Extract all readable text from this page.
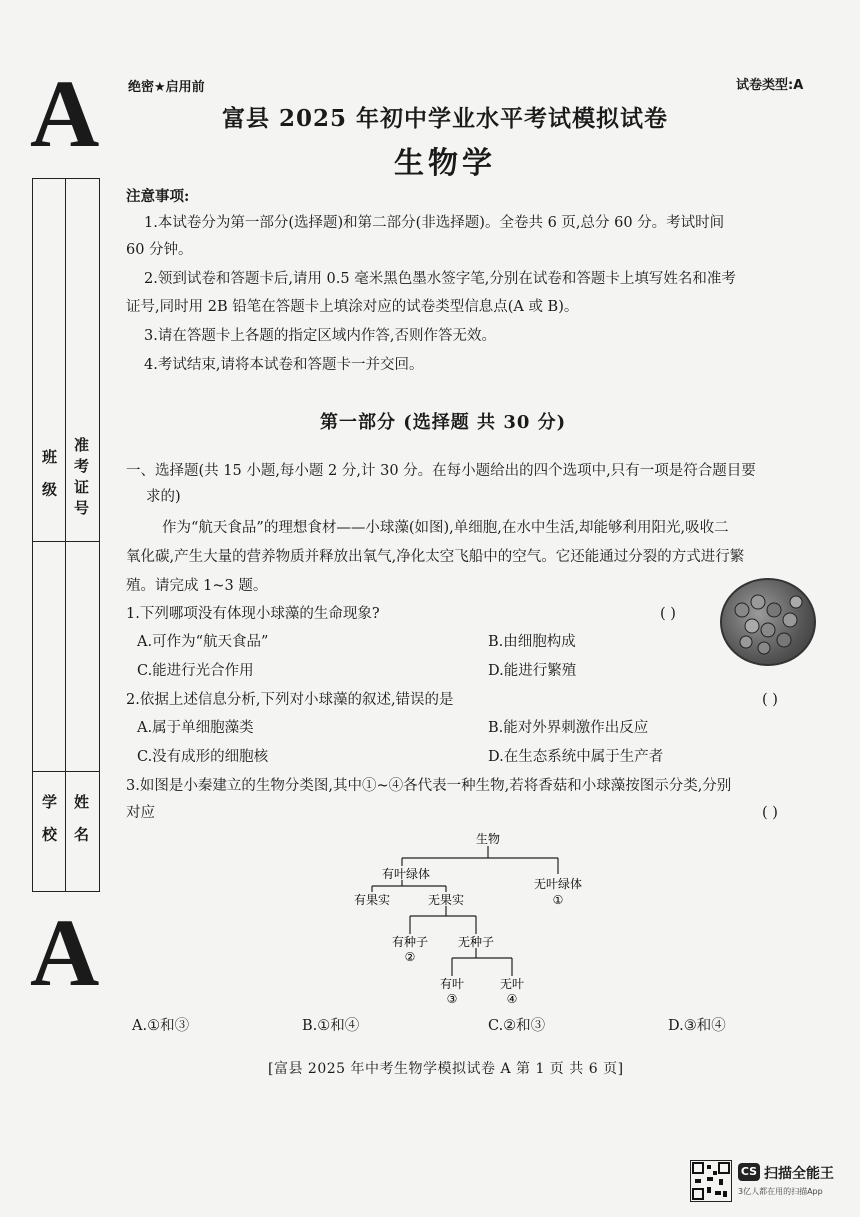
A
班 级 准考证号
学 校 姓 名
A
绝密★启用前	试卷类型:A
富县 2025 年初中学业水平考试模拟试卷
生物学
注意事项:
1.本试卷分为第一部分(选择题)和第二部分(非选择题)。全卷共 6 页,总分 60 分。考试时间
60 分钟。
2.领到试卷和答题卡后,请用 0.5 毫米黑色墨水签字笔,分别在试卷和答题卡上填写姓名和准考
证号,同时用 2B 铅笔在答题卡上填涂对应的试卷类型信息点(A 或 B)。
3.请在答题卡上各题的指定区域内作答,否则作答无效。
4.考试结束,请将本试卷和答题卡一并交回。
第一部分 (选择题 共 30 分)
一、选择题(共 15 小题,每小题 2 分,计 30 分。在每小题给出的四个选项中,只有一项是符合题目要
求的)
作为“航天食品”的理想食材——小球藻(如图),单细胞,在水中生活,却能够利用阳光,吸收二
氧化碳,产生大量的营养物质并释放出氧气,净化太空飞船中的空气。它还能通过分裂的方式进行繁
殖。请完成 1~3 题。
1.下列哪项没有体现小球藻的生命现象?	( )
A.可作为“航天食品”	B.由细胞构成
C.能进行光合作用	D.能进行繁殖
2.依据上述信息分析,下列对小球藻的叙述,错误的是	( )
A.属于单细胞藻类	B.能对外界刺激作出反应
C.没有成形的细胞核	D.在生态系统中属于生产者
3.如图是小秦建立的生物分类图,其中①~④各代表一种生物,若将香菇和小球藻按图示分类,分别
对应	( )
生物
有叶绿体
无叶绿体
①
有果实	无果实
有种子
②
无种子
有叶
③
无叶
④
A.①和③	B.①和④	C.②和③	D.③和④
[富县 2025 年中考生物学模拟试卷 A 第 1 页 共 6 页]
CS 扫描全能王
3亿人都在用的扫描App
